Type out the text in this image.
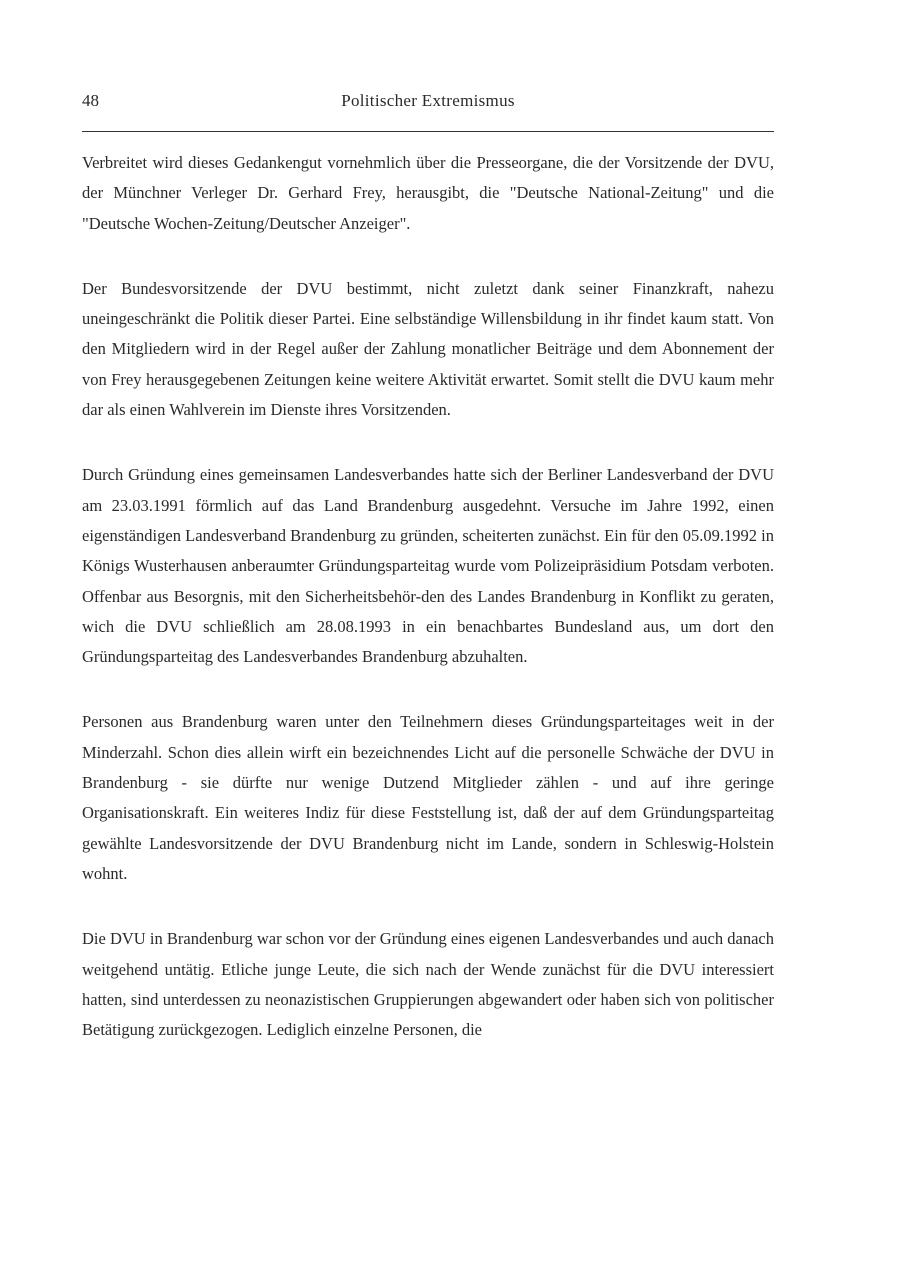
48	Politischer Extremismus

Verbreitet wird dieses Gedankengut vornehmlich über die Presseorgane, die der Vorsitzende der DVU, der Münchner Verleger Dr. Gerhard Frey, herausgibt, die "Deutsche National-Zeitung" und die "Deutsche Wochen-Zeitung/Deutscher Anzeiger".

Der Bundesvorsitzende der DVU bestimmt, nicht zuletzt dank seiner Finanzkraft, nahezu uneingeschränkt die Politik dieser Partei. Eine selbständige Willensbildung in ihr findet kaum statt. Von den Mitgliedern wird in der Regel außer der Zahlung monatlicher Beiträge und dem Abonnement der von Frey herausgegebenen Zeitungen keine weitere Aktivität erwartet. Somit stellt die DVU kaum mehr dar als einen Wahlverein im Dienste ihres Vorsitzenden.

Durch Gründung eines gemeinsamen Landesverbandes hatte sich der Berliner Landesverband der DVU am 23.03.1991 förmlich auf das Land Brandenburg ausgedehnt. Versuche im Jahre 1992, einen eigenständigen Landesverband Brandenburg zu gründen, scheiterten zunächst. Ein für den 05.09.1992 in Königs Wusterhausen anberaumter Gründungsparteitag wurde vom Polizeipräsidium Potsdam verboten. Offenbar aus Besorgnis, mit den Sicherheitsbehör-den des Landes Brandenburg in Konflikt zu geraten, wich die DVU schließlich am 28.08.1993 in ein benachbartes Bundesland aus, um dort den Gründungsparteitag des Landesverbandes Brandenburg abzuhalten.

Personen aus Brandenburg waren unter den Teilnehmern dieses Gründungsparteitages weit in der Minderzahl. Schon dies allein wirft ein bezeichnendes Licht auf die personelle Schwäche der DVU in Brandenburg - sie dürfte nur wenige Dutzend Mitglieder zählen - und auf ihre geringe Organisationskraft. Ein weiteres Indiz für diese Feststellung ist, daß der auf dem Gründungsparteitag gewählte Landesvorsitzende der DVU Brandenburg nicht im Lande, sondern in Schleswig-Holstein wohnt.

Die DVU in Brandenburg war schon vor der Gründung eines eigenen Landesverbandes und auch danach weitgehend untätig. Etliche junge Leute, die sich nach der Wende zunächst für die DVU interessiert hatten, sind unterdessen zu neonazistischen Gruppierungen abgewandert oder haben sich von politischer Betätigung zurückgezogen. Lediglich einzelne Personen, die
